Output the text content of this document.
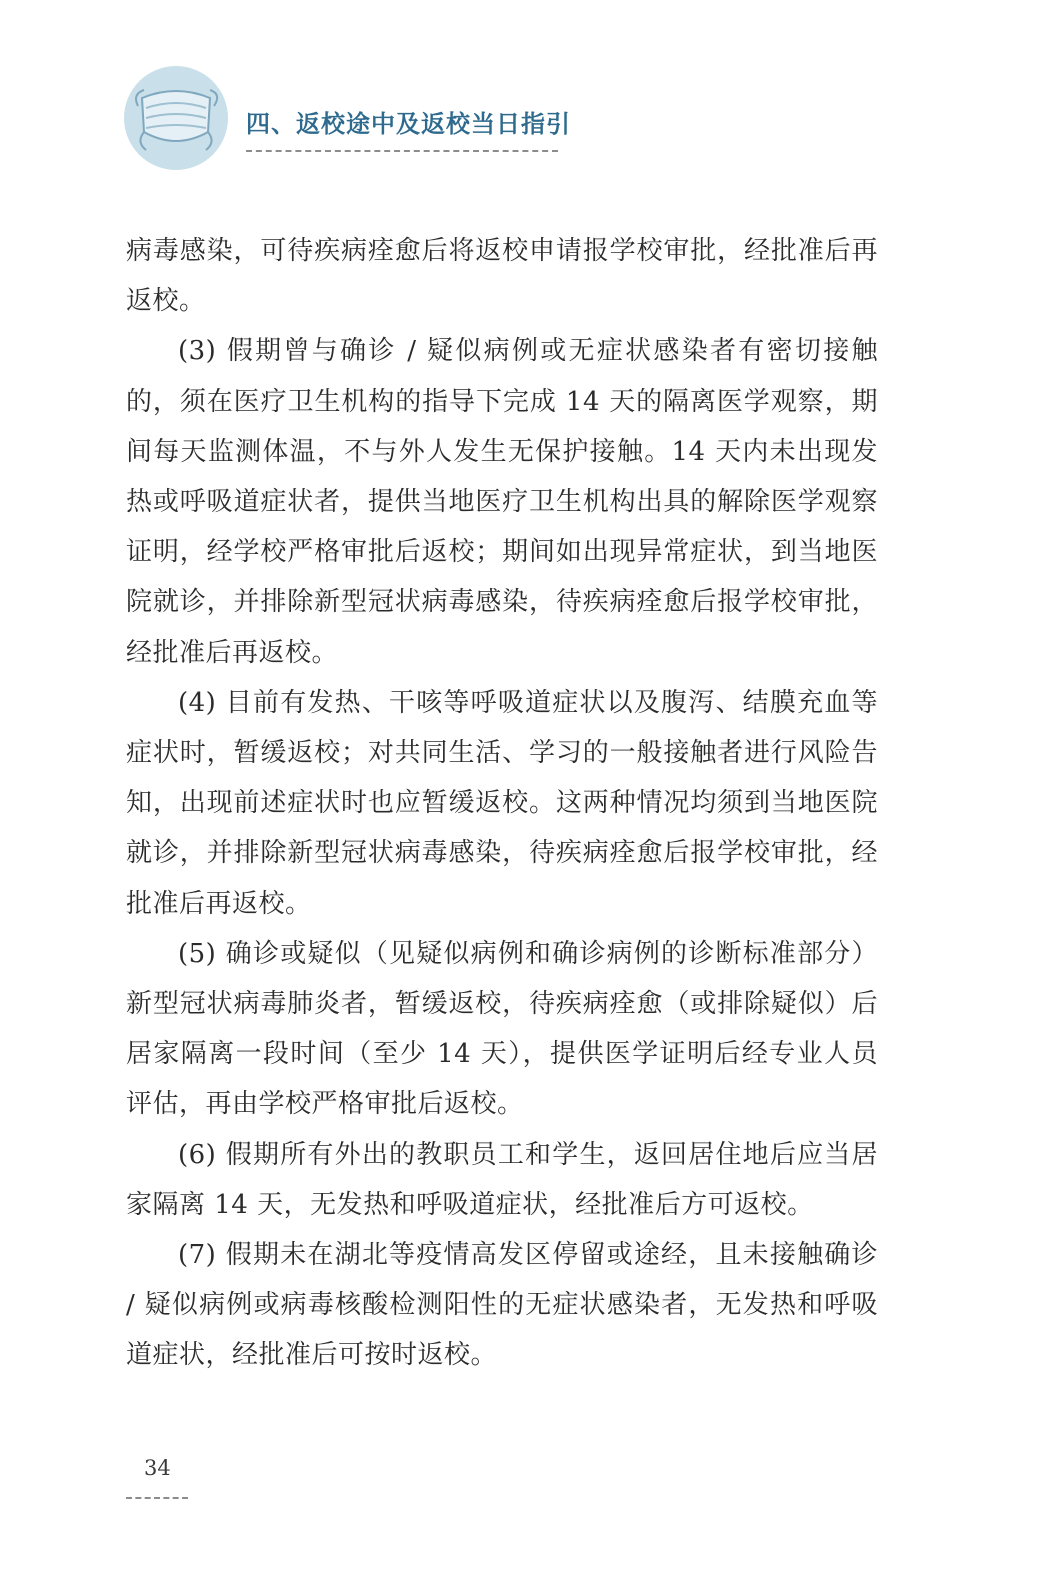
四、返校途中及返校当日指引

病毒感染，可待疾病痊愈后将返校申请报学校审批，经批准后再返校。

(3) 假期曾与确诊 / 疑似病例或无症状感染者有密切接触的，须在医疗卫生机构的指导下完成 14 天的隔离医学观察，期间每天监测体温，不与外人发生无保护接触。14 天内未出现发热或呼吸道症状者，提供当地医疗卫生机构出具的解除医学观察证明，经学校严格审批后返校；期间如出现异常症状，到当地医院就诊，并排除新型冠状病毒感染，待疾病痊愈后报学校审批，经批准后再返校。

(4) 目前有发热、干咳等呼吸道症状以及腹泻、结膜充血等症状时，暂缓返校；对共同生活、学习的一般接触者进行风险告知，出现前述症状时也应暂缓返校。这两种情况均须到当地医院就诊，并排除新型冠状病毒感染，待疾病痊愈后报学校审批，经批准后再返校。

(5) 确诊或疑似（见疑似病例和确诊病例的诊断标准部分）新型冠状病毒肺炎者，暂缓返校，待疾病痊愈（或排除疑似）后居家隔离一段时间（至少 14 天），提供医学证明后经专业人员评估，再由学校严格审批后返校。

(6) 假期所有外出的教职员工和学生，返回居住地后应当居家隔离 14 天，无发热和呼吸道症状，经批准后方可返校。

(7) 假期未在湖北等疫情高发区停留或途经，且未接触确诊 / 疑似病例或病毒核酸检测阳性的无症状感染者，无发热和呼吸道症状，经批准后可按时返校。

34
